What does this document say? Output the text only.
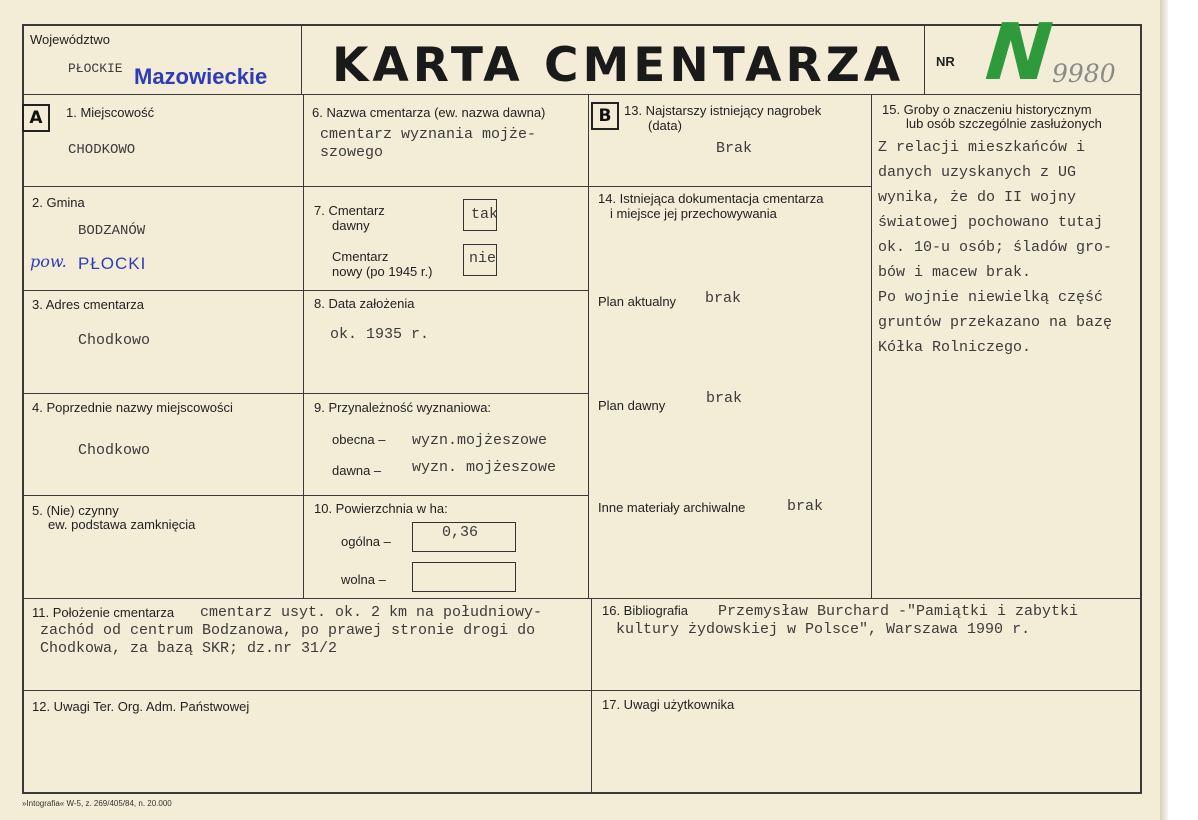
Województwo
PŁOCKIE Mazowieckie KARTA CMENTARZA NR N
9980
A	B
1. Miejscowość
CHODKOWO
2. Gmina
BODZANÓW
pow. PŁOCKI
3. Adres cmentarza
Chodkowo
4. Poprzednie nazwy miejscowości
Chodkowo
5. (Nie) czynny
ew. podstawa zamknięcia
6. Nazwa cmentarza (ew. nazwa dawna)
cmentarz wyznania mojże-
szowego
7. Cmentarz
dawny
tak
Cmentarz
nowy (po 1945 r.)
nie
8. Data założenia
ok. 1935 r.
9. Przynależność wyznaniowa:
obecna – wyzn.mojżeszowe
dawna – wyzn. mojżeszowe
10. Powierzchnia w ha:
ogólna –
0,36
wolna –
13. Najstarszy istniejący nagrobek
(data)
Brak
14. Istniejąca dokumentacja cmentarza
i miejsce jej przechowywania
Plan aktualny brak
Plan dawny	brak
Inne materiały archiwalne	brak
15. Groby o znaczeniu historycznym
lub osób szczególnie zasłużonych
Z relacji mieszkańców i
danych uzyskanych z UG
wynika, że do II wojny
światowej pochowano tutaj
ok. 10-u osób; śladów gro-
bów i macew brak.
Po wojnie niewielką część
gruntów przekazano na bazę
Kółka Rolniczego.
11. Położenie cmentarza cmentarz usyt. ok. 2 km na południowy-
zachód od centrum Bodzanowa, po prawej stronie drogi do
Chodkowa, za bazą SKR; dz.nr 31/2
16. Bibliografia Przemysław Burchard -"Pamiątki i zabytki
kultury żydowskiej w Polsce", Warszawa 1990 r.
12. Uwagi Ter. Org. Adm. Państwowej	17. Uwagi użytkownika
»Intografia« W-5, z. 269/405/84, n. 20.000
